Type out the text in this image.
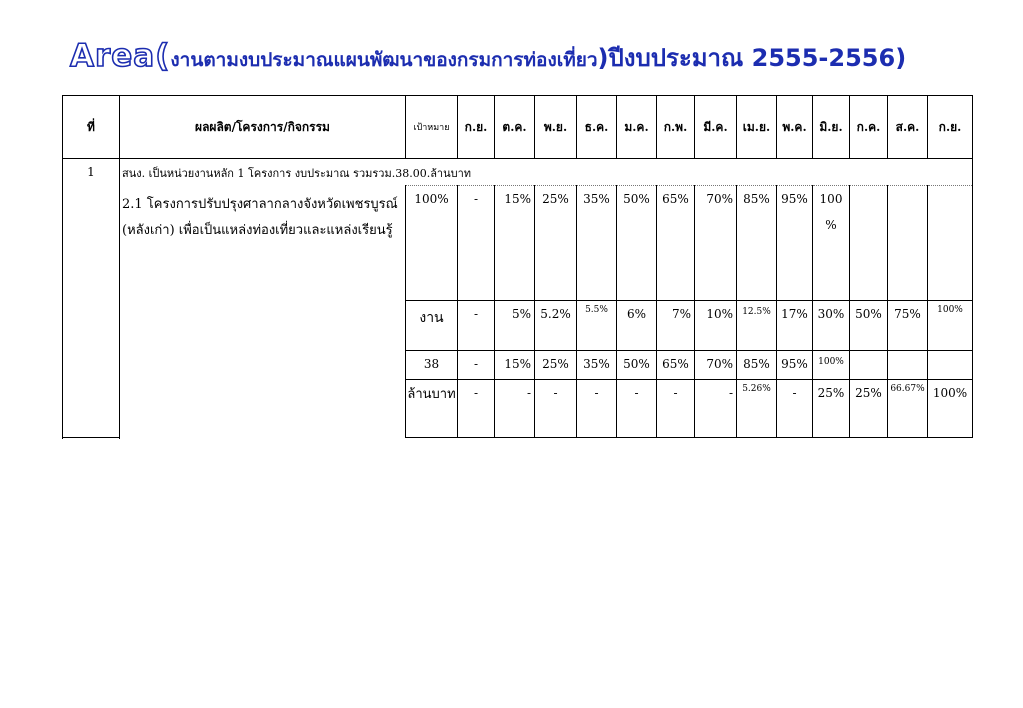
Area(งานตามงบประมาณแผนพัฒนาของกรมการท่องเที่ยว)ปีงบประมาณ 2555-2556)
ที่	ผลผลิต/โครงการ/กิจกรรม	เป้าหมาย	ก.ย.	ต.ค.	พ.ย.	ธ.ค.	ม.ค.	ก.พ.	มี.ค.	เม.ย.	พ.ค.	มิ.ย.	ก.ค.	ส.ค.	ก.ย.
1	สนง. เป็นหน่วยงานหลัก 1 โครงการ งบประมาณ รวมรวม.38.00.ล้านบาท														
	2.1 โครงการปรับปรุงศาลากลางจังหวัดเพชรบูรณ์ (หลังเก่า) เพื่อเป็นแหล่งท่องเที่ยวและแหล่งเรียนรู้	100%	-	15%	25%	35%	50%	65%	70%	85%	95%	100 %			
		งาน	-	5%	5.2%	5.5%	6%	7%	10%	12.5%	17%	30%	50%	75%	100%
		38	-	15%	25%	35%	50%	65%	70%	85%	95%	100%			
		ล้านบาท	-	-	-	-	-	-	-	5.26%	-	25%	25%	66.67%	100%
